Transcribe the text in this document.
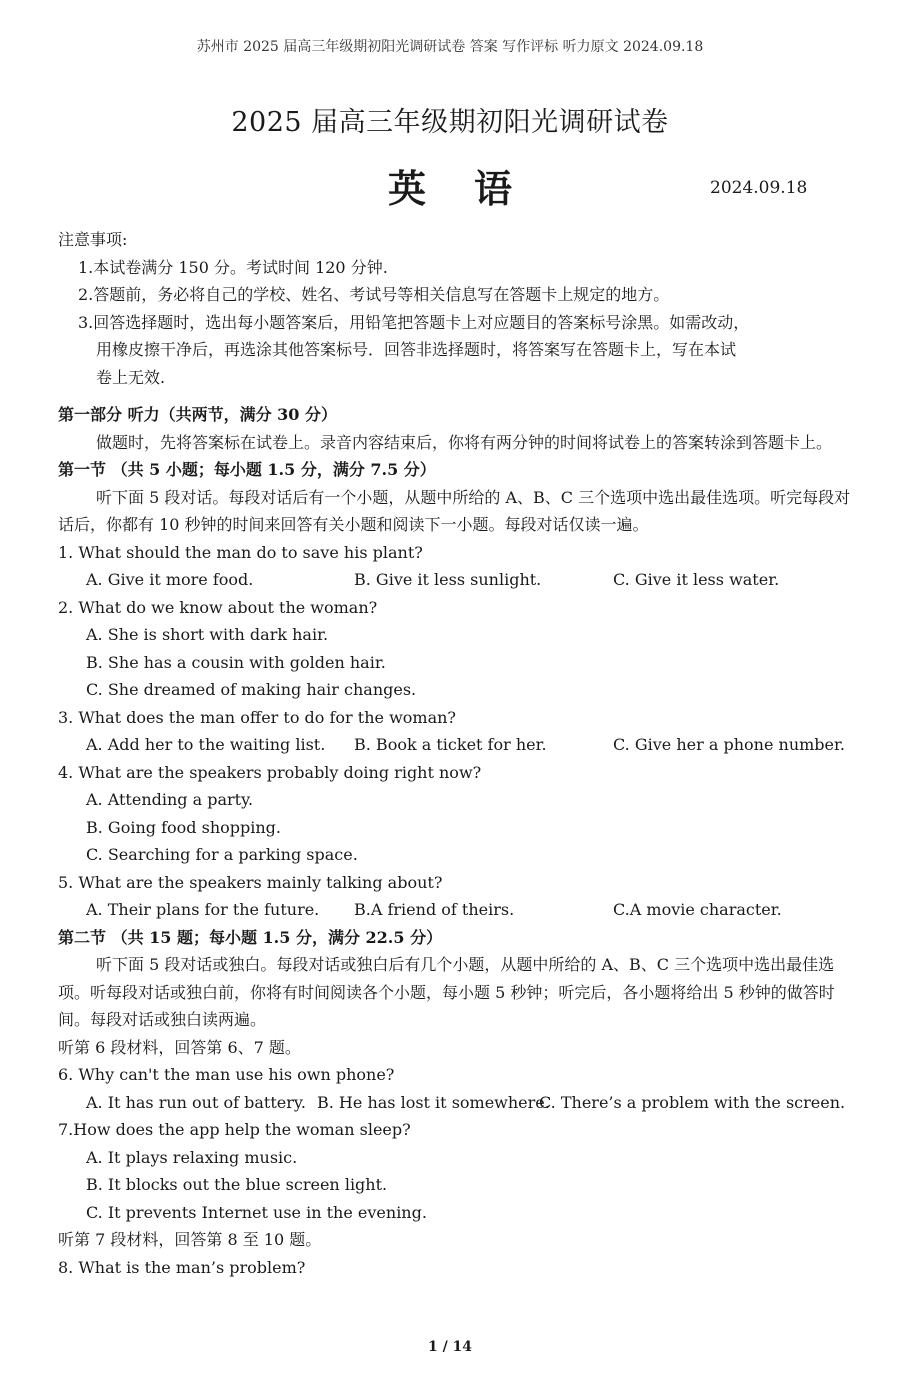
苏州市 2025 届高三年级期初阳光调研试卷 答案 写作评标 听力原文 2024.09.18
2025 届高三年级期初阳光调研试卷
英语	2024.09.18
注意事项:
1.本试卷满分 150 分。考试时间 120 分钟.
2.答题前，务必将自己的学校、姓名、考试号等相关信息写在答题卡上规定的地方。
3.回答选择题时，选出每小题答案后，用铅笔把答题卡上对应题目的答案标号涂黑。如需改动，
用橡皮擦干净后，再选涂其他答案标号．回答非选择题时，将答案写在答题卡上，写在本试
卷上无效.
第一部分 听力（共两节，满分 30 分）
做题时，先将答案标在试卷上。录音内容结束后，你将有两分钟的时间将试卷上的答案转涂到答题卡上。
第一节 （共 5 小题；每小题 1.5 分，满分 7.5 分）
听下面 5 段对话。每段对话后有一个小题，从题中所给的 A、B、C 三个选项中选出最佳选项。听完每段对话后，你都有 10 秒钟的时间来回答有关小题和阅读下一小题。每段对话仅读一遍。
1. What should the man do to save his plant?
A. Give it more food.	B. Give it less sunlight.	C. Give it less water.
2. What do we know about the woman?
A. She is short with dark hair.
B. She has a cousin with golden hair.
C. She dreamed of making hair changes.
3. What does the man offer to do for the woman?
A. Add her to the waiting list.	B. Book a ticket for her.	C. Give her a phone number.
4. What are the speakers probably doing right now?
A. Attending a party.
B. Going food shopping.
C. Searching for a parking space.
5. What are the speakers mainly talking about?
A. Their plans for the future.	B.A friend of theirs.	C.A movie character.
第二节 （共 15 题；每小题 1.5 分，满分 22.5 分）
听下面 5 段对话或独白。每段对话或独白后有几个小题，从题中所给的 A、B、C 三个选项中选出最佳选项。听每段对话或独白前，你将有时间阅读各个小题，每小题 5 秒钟；听完后，各小题将给出 5 秒钟的做答时间。每段对话或独白读两遍。
听第 6 段材料，回答第 6、7 题。
6. Why can't the man use his own phone?
A. It has run out of battery. B. He has lost it somewhere.
C. There’s a problem with the screen.
7.How does the app help the woman sleep?
A. It plays relaxing music.
B. It blocks out the blue screen light.
C. It prevents Internet use in the evening.
听第 7 段材料，回答第 8 至 10 题。
8. What is the man’s problem?
1 / 14
